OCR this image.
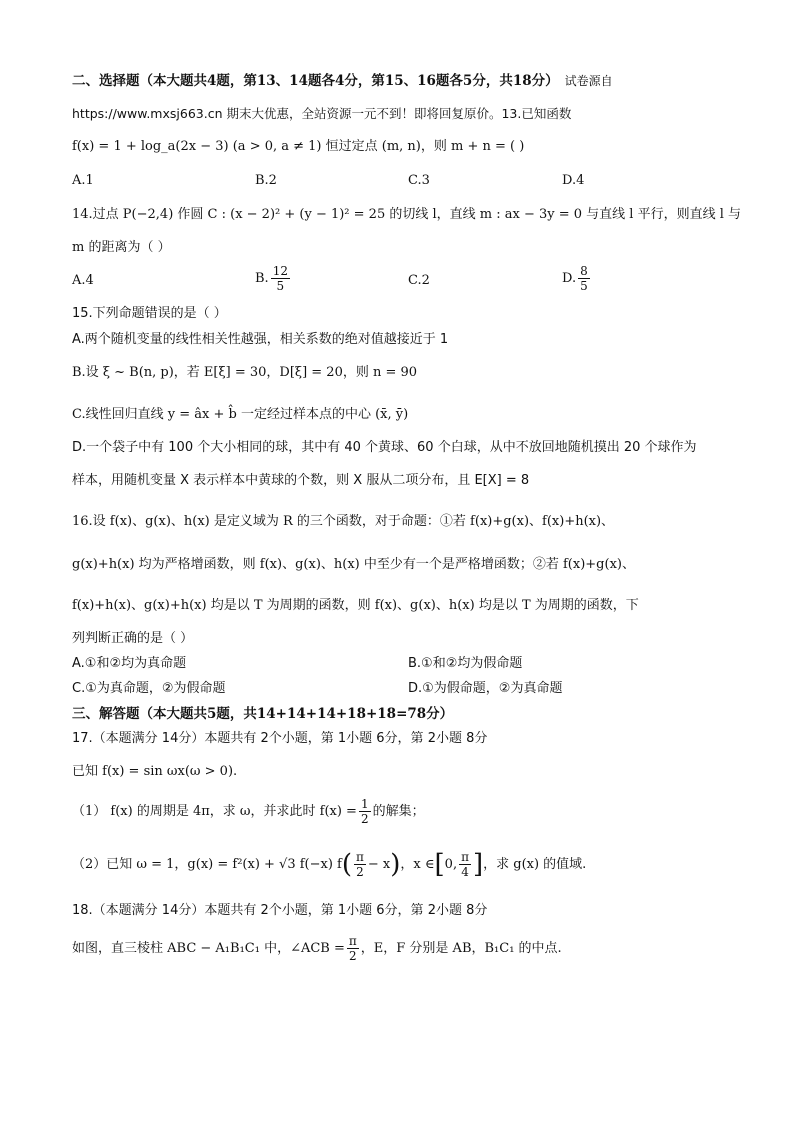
二、选择题（本大题共4题，第13、14题各4分，第15、16题各5分，共18分） 试卷源自
https://www.mxsj663.cn 期末大优惠，全站资源一元不到！即将回复原价。13.已知函数
f(x) = 1 + log_a(2x − 3) (a > 0, a ≠ 1) 恒过定点 (m, n)，则 m + n = ( )
A.1	B.2	C.3	D.4
14.过点 P(−2,4) 作圆 C : (x − 2)² + (y − 1)² = 25 的切线 l，直线 m : ax − 3y = 0 与直线 l 平行，则直线 l 与
m 的距离为（ ）
A.4	B. $\frac{12}{5}$	C.2	D. $\frac{8}{5}$
15.下列命题错误的是（ ）
A.两个随机变量的线性相关性越强，相关系数的绝对值越接近于 1
B.设 ξ ~ B(n, p)，若 E[ξ] = 30，D[ξ] = 20，则 n = 90
C.线性回归直线 y = âx + b̂ 一定经过样本点的中心 (x̄, ȳ)
D.一个袋子中有 100 个大小相同的球，其中有 40 个黄球、60 个白球，从中不放回地随机摸出 20 个球作为
样本，用随机变量 X 表示样本中黄球的个数，则 X 服从二项分布，且 E[X] = 8
16.设 f(x)、g(x)、h(x) 是定义域为 R 的三个函数，对于命题：①若 f(x)+g(x)、f(x)+h(x)、
g(x)+h(x) 均为严格增函数，则 f(x)、g(x)、h(x) 中至少有一个是严格增函数；②若 f(x)+g(x)、
f(x)+h(x)、g(x)+h(x) 均是以 T 为周期的函数，则 f(x)、g(x)、h(x) 均是以 T 为周期的函数，下
列判断正确的是（ ）
A.①和②均为真命题	B.①和②均为假命题
C.①为真命题，②为假命题	D.①为假命题，②为真命题
三、解答题（本大题共5题，共14+14+14+18+18=78分）
17.（本题满分 14分）本题共有 2个小题，第 1小题 6分，第 2小题 8分
已知 f(x) = sin ωx(ω > 0).
（1） f(x) 的周期是 4π，求 ω，并求此时 $f(x) = \frac{1}{2}$ 的解集；
（2）已知 ω = 1，g(x) = f²(x) + √3 f(−x) $f( \frac{\pi}{2} - x)$，x ∈[0, $\frac{\pi}{4}$ ]，求 g(x) 的值域.
18.（本题满分 14分）本题共有 2个小题，第 1小题 6分，第 2小题 8分
如图，直三棱柱 ABC − A₁B₁C₁ 中，∠ACB = $\frac{\pi}{2}$ ，E，F 分别是 AB，B₁C₁ 的中点.
